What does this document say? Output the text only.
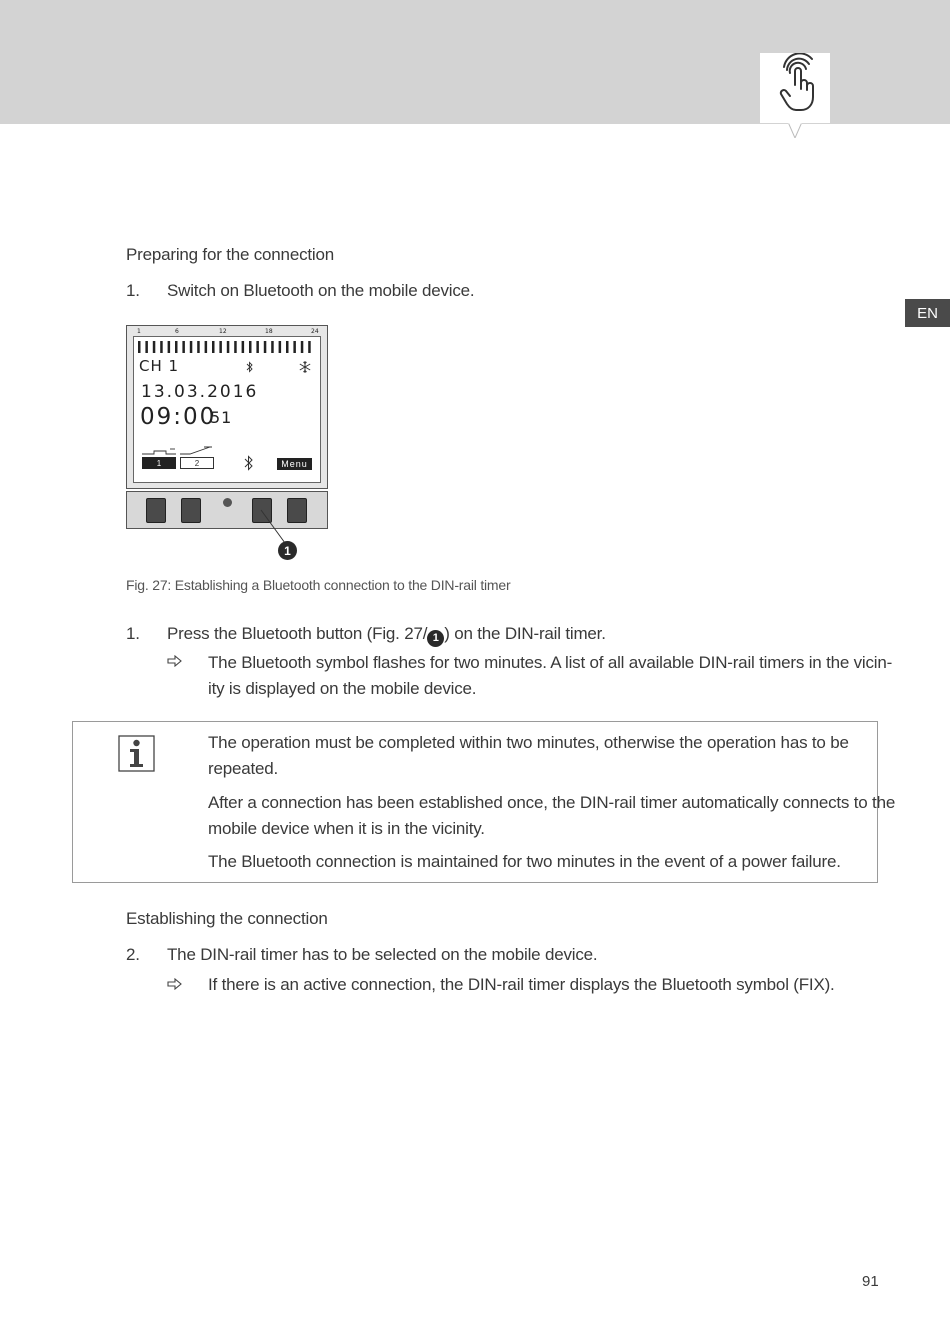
EN
Preparing for the connection
1. Switch on Bluetooth on the mobile device.
1	6	12	18	24
CH 1
13.03.2016
09:00
51
1	2	Menu
1
Fig. 27: Establishing a Bluetooth connection to the DIN-rail timer
1. Press the Bluetooth button (Fig. 27/ 1 ) on the DIN-rail timer.
The Bluetooth symbol flashes for two minutes. A list of all available DIN-rail timers in the vicin-
ity is displayed on the mobile device.
The operation must be completed within two minutes, otherwise the operation has to be
repeated.
After a connection has been established once, the DIN-rail timer automatically connects to the
mobile device when it is in the vicinity.
The Bluetooth connection is maintained for two minutes in the event of a power failure.
Establishing the connection
2. The DIN-rail timer has to be selected on the mobile device.
If there is an active connection, the DIN-rail timer displays the Bluetooth symbol (FIX).
91
